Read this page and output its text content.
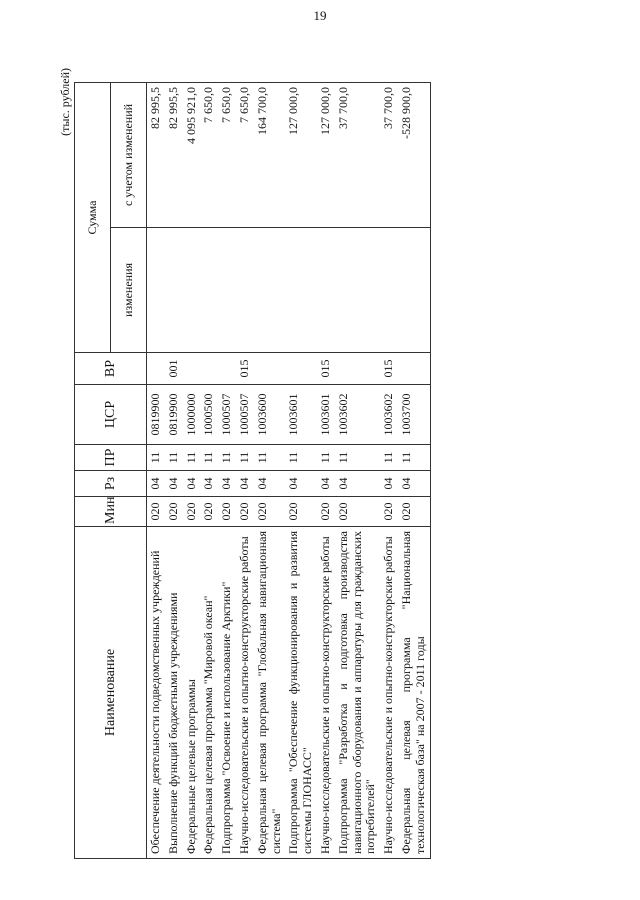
19
(тыс. рублей)
Наименование	Мин	Рз	ПР	ЦСР	ВР	Сумма	
						изменения	с учетом изменений
Обеспечение деятельности подведомственных учреждений	020	04	11	0819900			82 995,5
Выполнение функций бюджетными учреждениями	020	04	11	0819900	001		82 995,5
Федеральные целевые программы	020	04	11	1000000			4 095 921,0
Федеральная целевая программа "Мировой океан"	020	04	11	1000500			7 650,0
Подпрограмма "Освоение и использование Арктики"	020	04	11	1000507			7 650,0
Научно-исследовательские и опытно-конструкторские работы	020	04	11	1000507	015		7 650,0
Федеральная целевая программа "Глобальная навигационная система"	020	04	11	1003600			164 700,0
Подпрограмма "Обеспечение функционирования и развития системы ГЛОНАСС"	020	04	11	1003601			127 000,0
Научно-исследовательские и опытно-конструкторские работы	020	04	11	1003601	015		127 000,0
Подпрограмма "Разработка и подготовка производства навигационного оборудования и аппаратуры для гражданских потребителей"	020	04	11	1003602			37 700,0
Научно-исследовательские и опытно-конструкторские работы	020	04	11	1003602	015		37 700,0
Федеральная целевая программа "Национальная технологическая база" на 2007 - 2011 годы	020	04	11	1003700			-528 900,0
